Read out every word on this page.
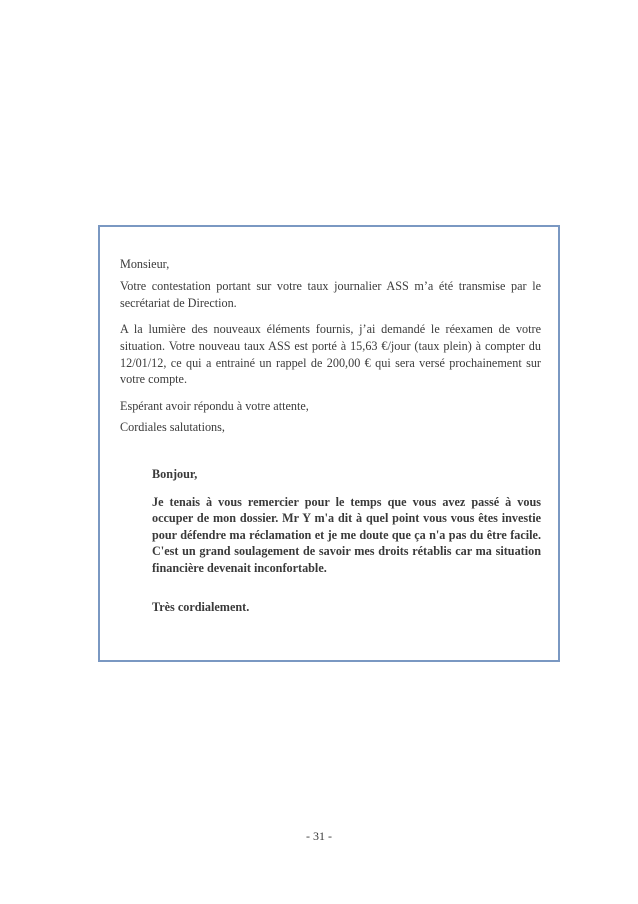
Monsieur,

Votre contestation portant sur votre taux journalier ASS m’a été transmise par le secrétariat de Direction.

A la lumière des nouveaux éléments fournis, j’ai demandé le réexamen de votre situation. Votre nouveau taux ASS est porté à 15,63 €/jour (taux plein) à compter du 12/01/12, ce qui a entrainé un rappel de 200,00 € qui sera versé prochainement sur votre compte.

Espérant avoir répondu à votre attente,

Cordiales salutations,

Bonjour,

Je tenais à vous remercier pour le temps que vous avez passé à vous occuper de mon dossier. Mr Y m'a dit à quel point vous vous êtes investie pour défendre ma réclamation et je me doute que ça n'a pas du être facile. C'est un grand soulagement de savoir mes droits rétablis car ma situation financière devenait inconfortable.

Très cordialement.

- 31 -
